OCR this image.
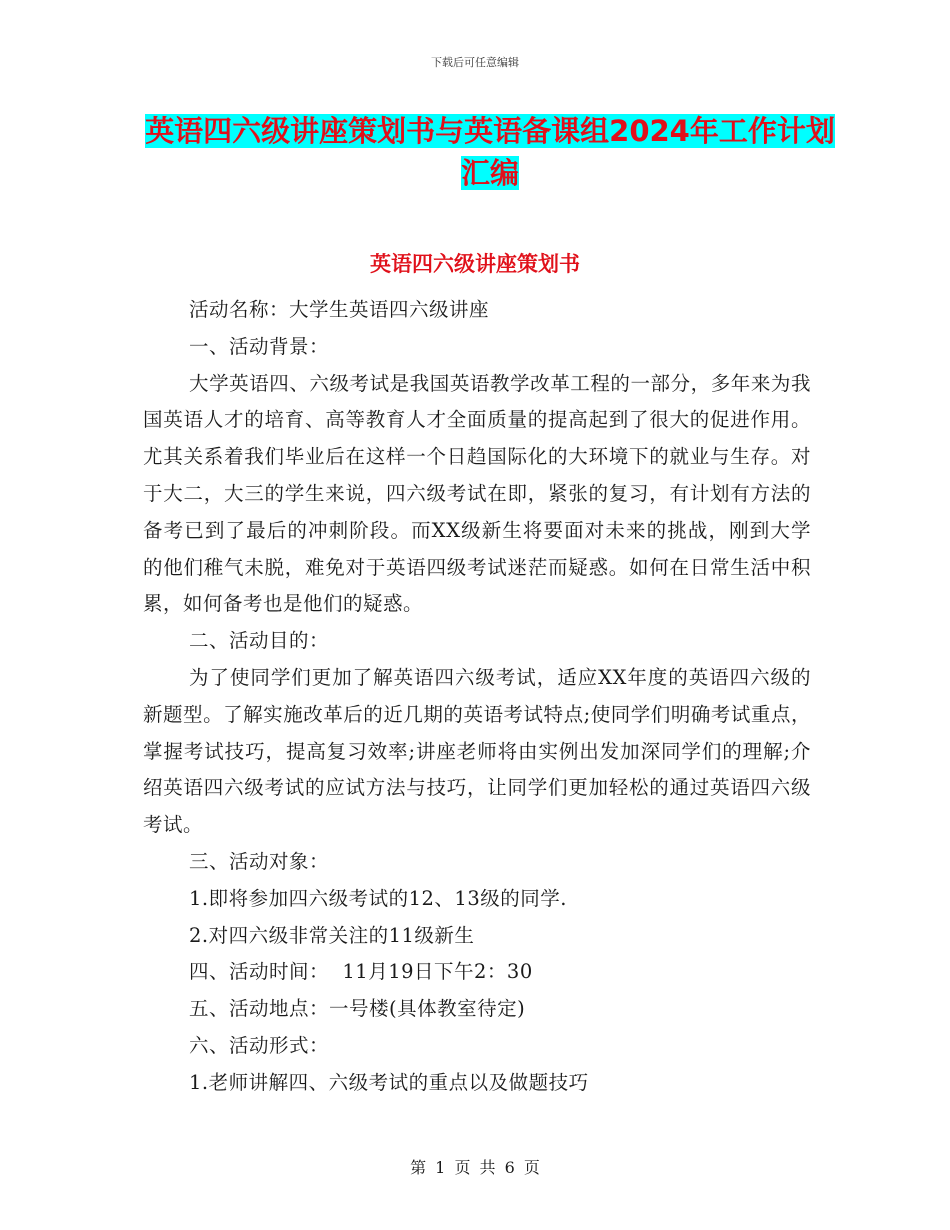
下载后可任意编辑
英语四六级讲座策划书与英语备课组2024年工作计划汇编
英语四六级讲座策划书

活动名称：大学生英语四六级讲座

一、活动背景：

大学英语四、六级考试是我国英语教学改革工程的一部分，多年来为我国英语人才的培育、高等教育人才全面质量的提高起到了很大的促进作用。尤其关系着我们毕业后在这样一个日趋国际化的大环境下的就业与生存。对于大二，大三的学生来说，四六级考试在即，紧张的复习，有计划有方法的备考已到了最后的冲刺阶段。而XX级新生将要面对未来的挑战，刚到大学的他们稚气未脱，难免对于英语四级考试迷茫而疑惑。如何在日常生活中积累，如何备考也是他们的疑惑。

二、活动目的：

为了使同学们更加了解英语四六级考试，适应XX年度的英语四六级的新题型。了解实施改革后的近几期的英语考试特点;使同学们明确考试重点，掌握考试技巧，提高复习效率;讲座老师将由实例出发加深同学们的理解;介绍英语四六级考试的应试方法与技巧，让同学们更加轻松的通过英语四六级考试。

三、活动对象：

1.即将参加四六级考试的12、13级的同学.

2.对四六级非常关注的11级新生

四、活动时间：  11月19日下午2：30

五、活动地点：一号楼(具体教室待定)

六、活动形式：

1.老师讲解四、六级考试的重点以及做题技巧

第 1 页 共 6 页
